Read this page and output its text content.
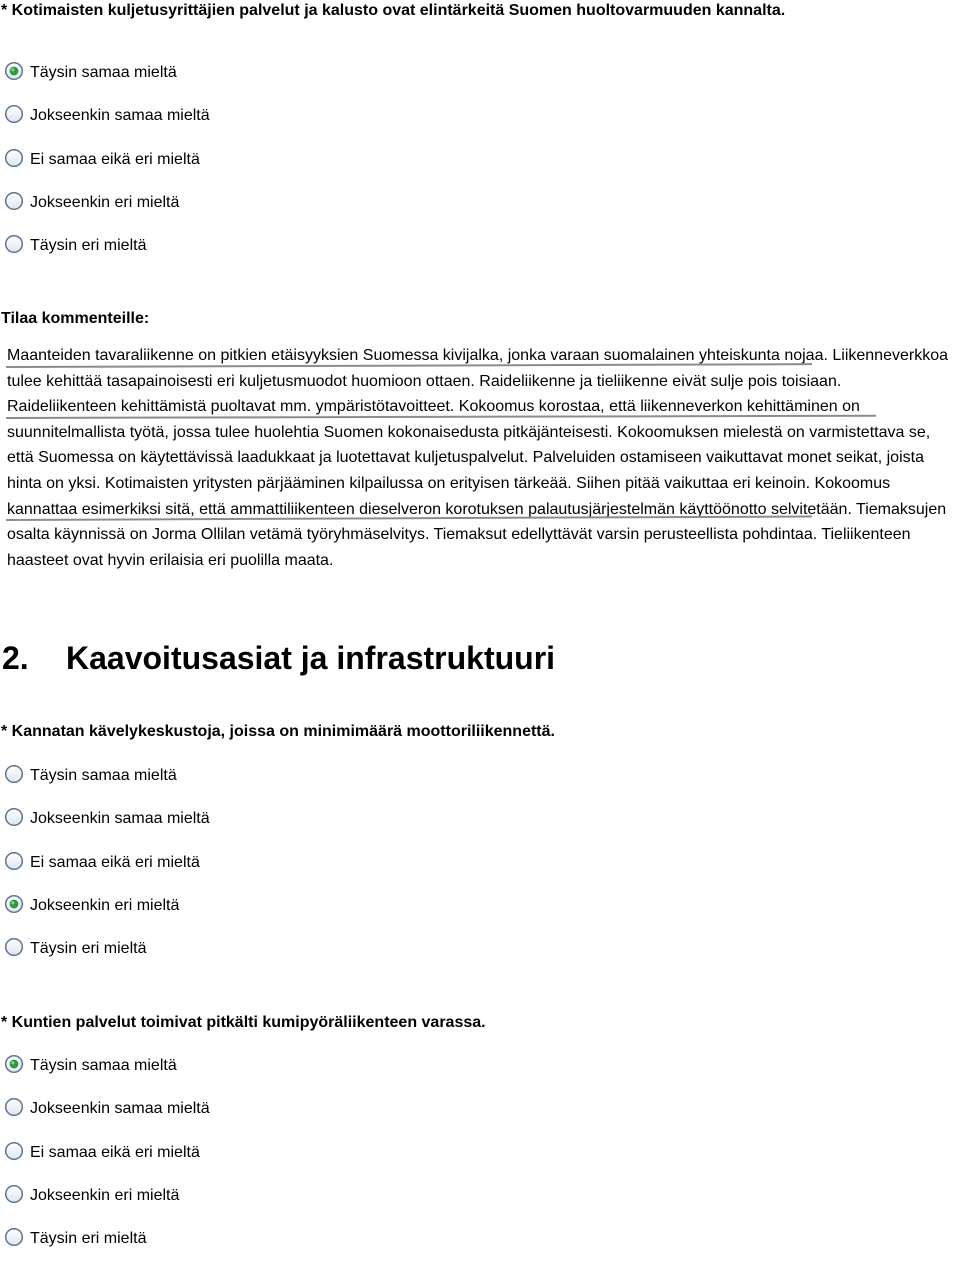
* Kotimaisten kuljetusyrittäjien palvelut ja kalusto ovat elintärkeitä Suomen huoltovarmuuden kannalta.
Täysin samaa mieltä
Jokseenkin samaa mieltä
Ei samaa eikä eri mieltä
Jokseenkin eri mieltä
Täysin eri mieltä
Tilaa kommenteille:

Maanteiden tavaraliikenne on pitkien etäisyyksien Suomessa kivijalka, jonka varaan suomalainen yhteiskunta nojaa. Liikenneverkkoa tulee kehittää tasapainoisesti eri kuljetusmuodot huomioon ottaen. Raideliikenne ja tieliikenne eivät sulje pois toisiaan. Raideliikenteen kehittämistä puoltavat mm. ympäristötavoitteet. Kokoomus korostaa, että liikenneverkon kehittäminen on suunnitelmallista työtä, jossa tulee huolehtia Suomen kokonaisedusta pitkäjänteisesti. Kokoomuksen mielestä on varmistettava se, että Suomessa on käytettävissä laadukkaat ja luotettavat kuljetuspalvelut. Palveluiden ostamiseen vaikuttavat monet seikat, joista hinta on yksi. Kotimaisten yritysten pärjääminen kilpailussa on erityisen tärkeää. Siihen pitää vaikuttaa eri keinoin. Kokoomus kannattaa esimerkiksi sitä, että ammattiliikenteen dieselveron korotuksen palautusjärjestelmän käyttöönotto selvitetään. Tiemaksujen osalta käynnissä on Jorma Ollilan vetämä työryhmäselvitys. Tiemaksut edellyttävät varsin perusteellista pohdintaa. Tieliikenteen haasteet ovat hyvin erilaisia eri puolilla maata.

2. Kaavoitusasiat ja infrastruktuuri
* Kannatan kävelykeskustoja, joissa on minimimäärä moottoriliikennettä.
Täysin samaa mieltä
Jokseenkin samaa mieltä
Ei samaa eikä eri mieltä
Jokseenkin eri mieltä
Täysin eri mieltä
* Kuntien palvelut toimivat pitkälti kumipyöräliikenteen varassa.
Täysin samaa mieltä
Jokseenkin samaa mieltä
Ei samaa eikä eri mieltä
Jokseenkin eri mieltä
Täysin eri mieltä
